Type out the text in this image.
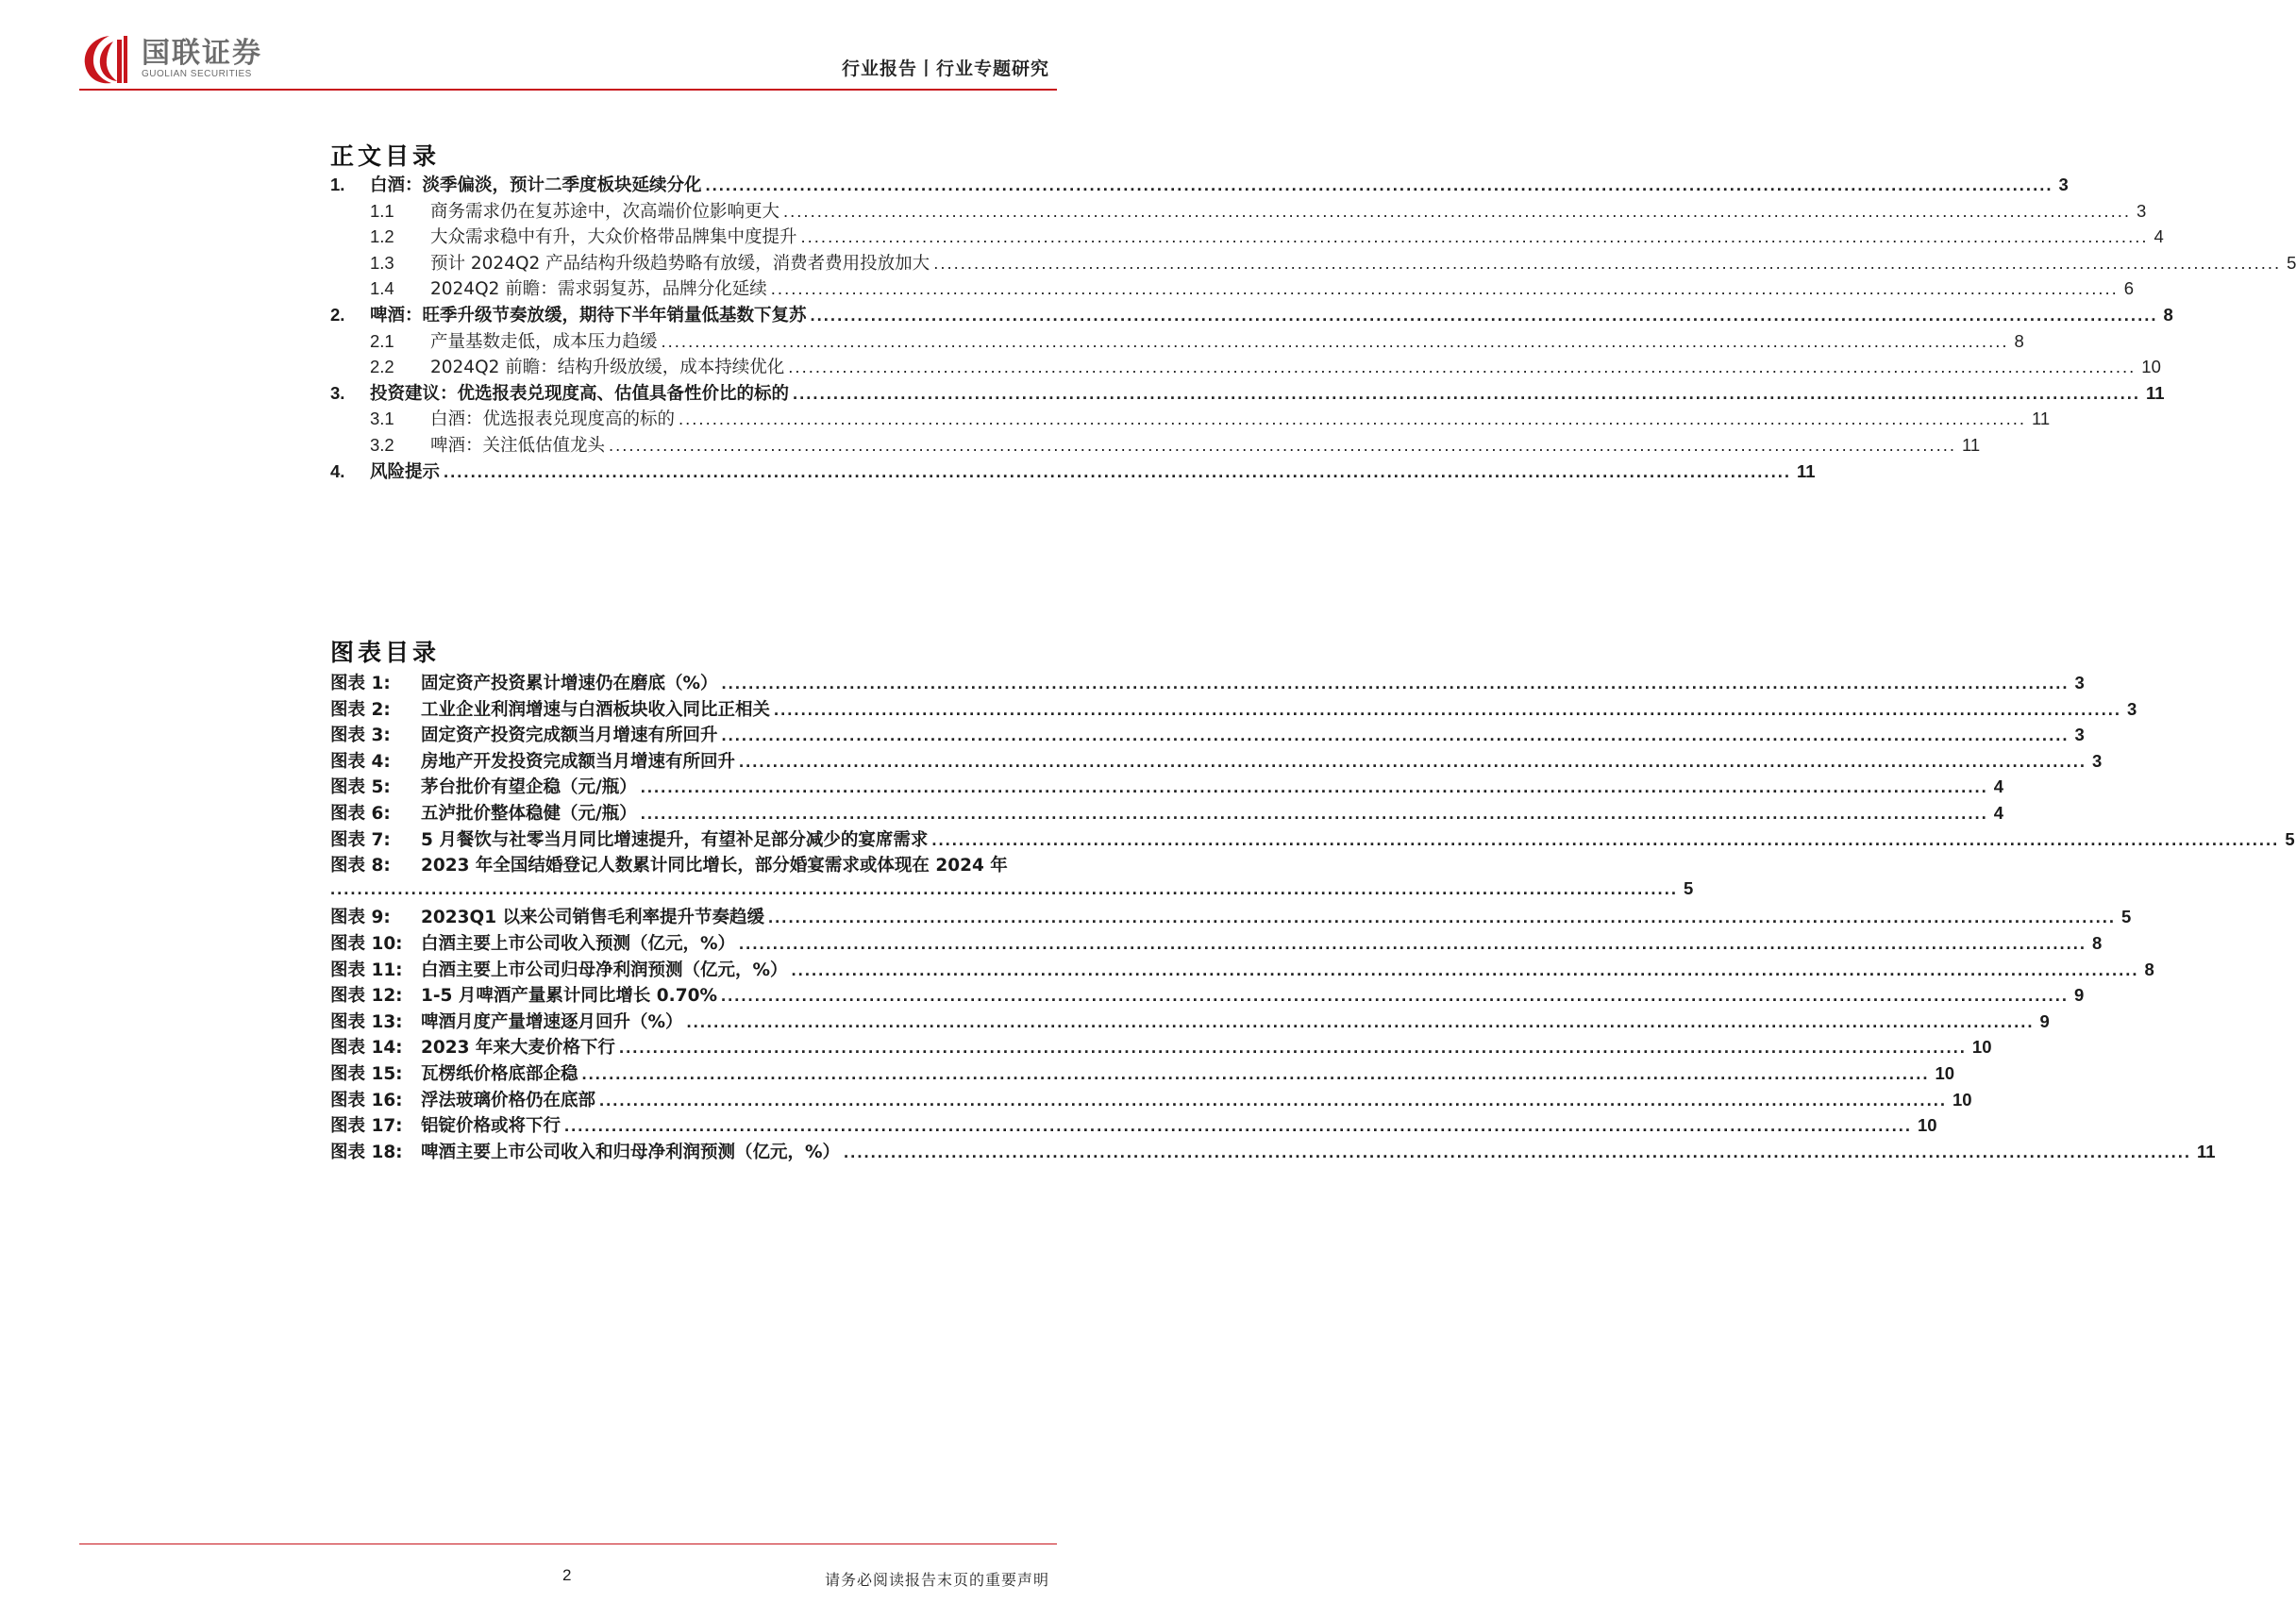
国联证券
GUOLIAN SECURITIES	行业报告丨行业专题研究
正文目录
1.	白酒：淡季偏淡，预计二季度板块延续分化 ........................................................................................................................................................................................................ 3
1.1	商务需求仍在复苏途中，次高端价位影响更大 ........................................................................................................................................................................................................ 3
1.2	大众需求稳中有升，大众价格带品牌集中度提升 ........................................................................................................................................................................................................ 4
1.3	预计 2024Q2 产品结构升级趋势略有放缓，消费者费用投放加大 ........................................................................................................................................................................................................ 5
1.4	2024Q2 前瞻：需求弱复苏，品牌分化延续 ........................................................................................................................................................................................................ 6
2.	啤酒：旺季升级节奏放缓，期待下半年销量低基数下复苏 ........................................................................................................................................................................................................ 8
2.1	产量基数走低，成本压力趋缓 ........................................................................................................................................................................................................ 8
2.2	2024Q2 前瞻：结构升级放缓，成本持续优化 ........................................................................................................................................................................................................ 10
3.	投资建议：优选报表兑现度高、估值具备性价比的标的 ........................................................................................................................................................................................................ 11
3.1	白酒：优选报表兑现度高的标的 ........................................................................................................................................................................................................ 11
3.2	啤酒：关注低估值龙头 ........................................................................................................................................................................................................ 11
4.	风险提示 ........................................................................................................................................................................................................ 11
图表目录
图表 1:	固定资产投资累计增速仍在磨底（%） ........................................................................................................................................................................................................ 3
图表 2:	工业企业利润增速与白酒板块收入同比正相关 ........................................................................................................................................................................................................ 3
图表 3:	固定资产投资完成额当月增速有所回升 ........................................................................................................................................................................................................ 3
图表 4:	房地产开发投资完成额当月增速有所回升 ........................................................................................................................................................................................................ 3
图表 5:	茅台批价有望企稳（元/瓶） ........................................................................................................................................................................................................ 4
图表 6:	五泸批价整体稳健（元/瓶） ........................................................................................................................................................................................................ 4
图表 7:	5 月餐饮与社零当月同比增速提升，有望补足部分减少的宴席需求 ........................................................................................................................................................................................................ 5
图表 8:	2023 年全国结婚登记人数累计同比增长，部分婚宴需求或体现在 2024 年
........................................................................................................................................................................................................ 5
图表 9:	2023Q1 以来公司销售毛利率提升节奏趋缓 ........................................................................................................................................................................................................ 5
图表 10:	白酒主要上市公司收入预测（亿元，%） ........................................................................................................................................................................................................ 8
图表 11:	白酒主要上市公司归母净利润预测（亿元，%） ........................................................................................................................................................................................................ 8
图表 12:	1-5 月啤酒产量累计同比增长 0.70% ........................................................................................................................................................................................................ 9
图表 13:	啤酒月度产量增速逐月回升（%） ........................................................................................................................................................................................................ 9
图表 14:	2023 年来大麦价格下行 ........................................................................................................................................................................................................ 10
图表 15:	瓦楞纸价格底部企稳 ........................................................................................................................................................................................................ 10
图表 16:	浮法玻璃价格仍在底部 ........................................................................................................................................................................................................ 10
图表 17:	铝锭价格或将下行 ........................................................................................................................................................................................................ 10
图表 18:	啤酒主要上市公司收入和归母净利润预测（亿元，%） ........................................................................................................................................................................................................ 11
2	请务必阅读报告末页的重要声明
